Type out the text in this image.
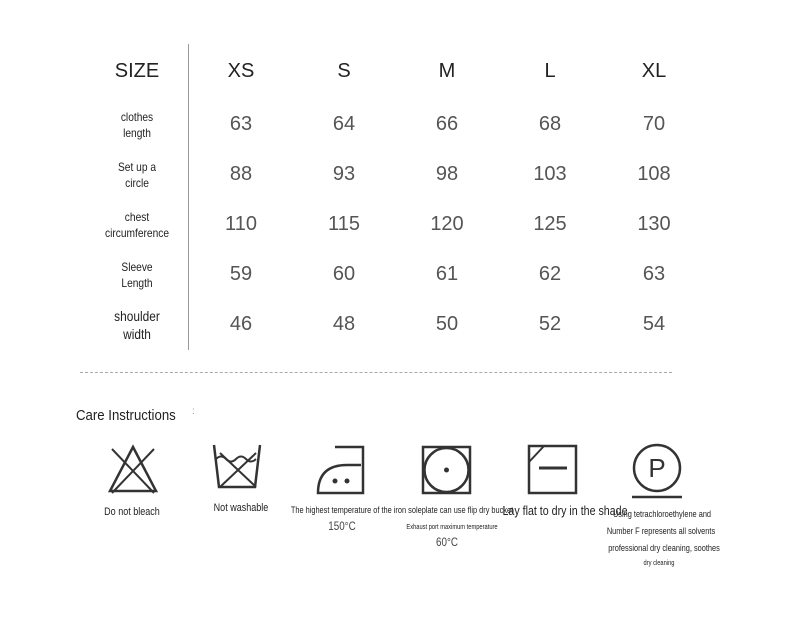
SIZE	XS	S	M	L	XL
clothes
length	63	64	66	68	70
Set up a
circle	88	93	98	103	108
chest
circumference	110	115	120	125	130
Sleeve
Length	59	60	61	62	63
shoulder
width	46	48	50	52	54
Care Instructions :
P
Do not bleach	Not washable The highest temperature of the iron soleplate can use flip dry bucket
150°C	Exhaust port maximum temperature
60°C
Lay flat to dry in the shade
Using tetrachloroethylene and
Number F represents all solvents
professional dry cleaning, soothes
dry cleaning
